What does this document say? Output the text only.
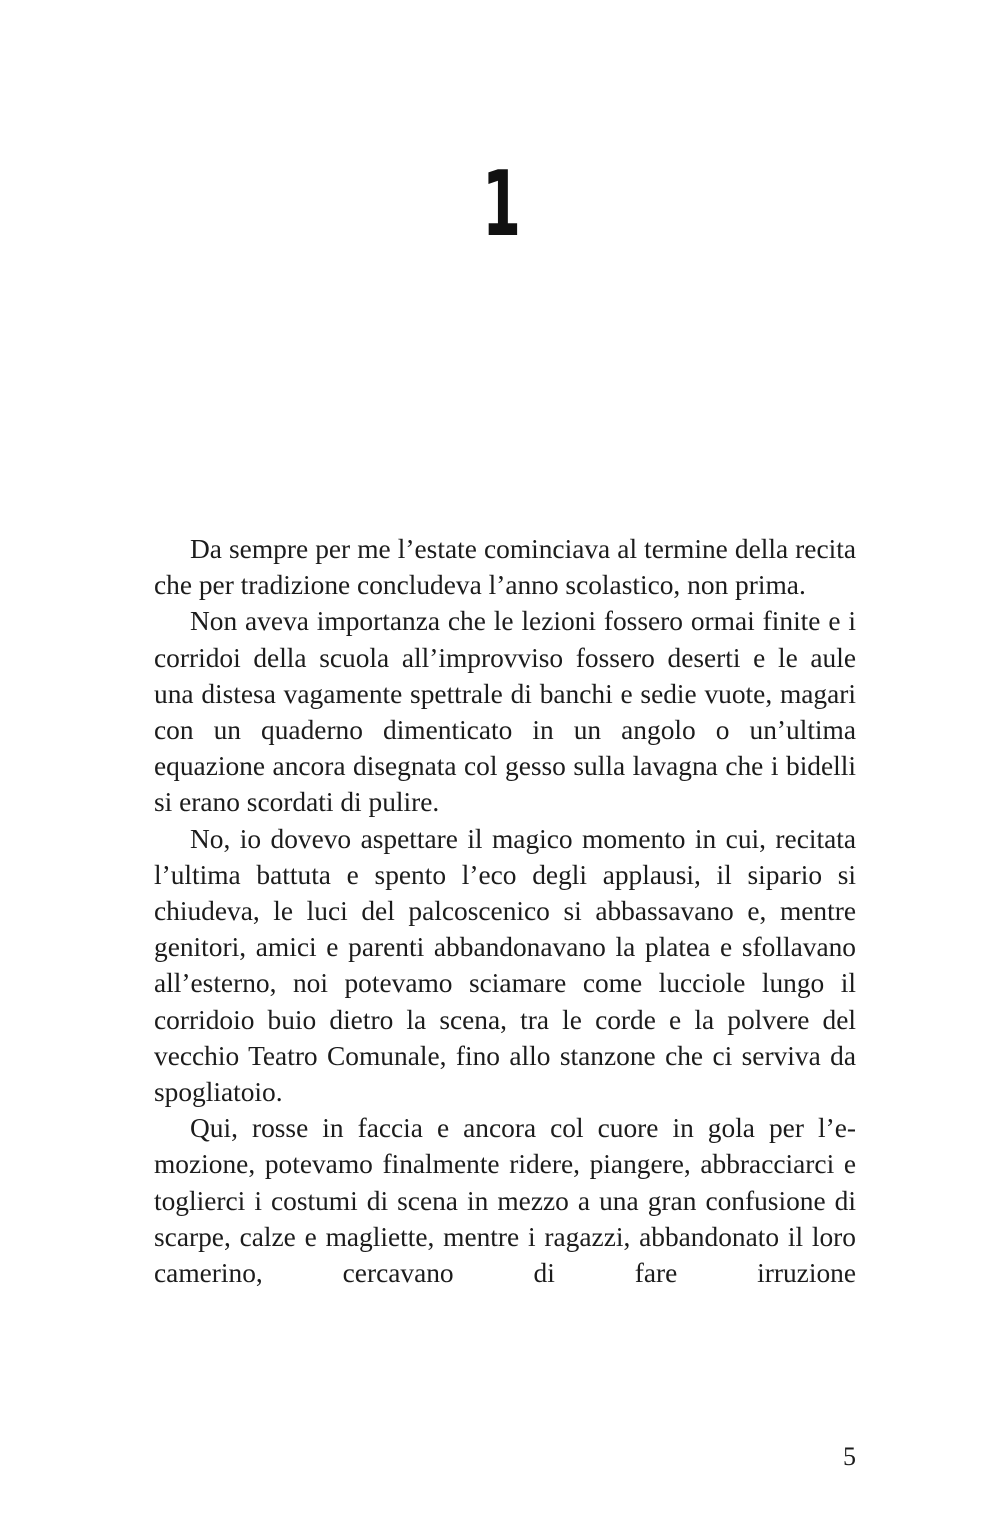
1

Da sempre per me l’estate cominciava al termine della recita che per tradizione concludeva l’anno scolastico, non prima.

Non aveva importanza che le lezioni fossero ormai finite e i corridoi della scuola all’improvviso fossero deserti e le aule una distesa vagamente spettrale di banchi e sedie vuote, magari con un quaderno dimenticato in un angolo o un’ultima equazione ancora disegnata col gesso sulla lavagna che i bidelli si erano scordati di pulire.

No, io dovevo aspettare il magico momento in cui, recitata l’ultima battuta e spento l’eco degli applausi, il sipario si chiudeva, le luci del palcoscenico si abbassavano e, mentre genitori, amici e parenti abbandonavano la platea e sfollavano all’esterno, noi potevamo sciamare come lucciole lungo il corridoio buio dietro la scena, tra le corde e la polvere del vecchio Teatro Comunale, fino allo stanzone che ci serviva da spogliatoio.

Qui, rosse in faccia e ancora col cuore in gola per l’emozione, potevamo finalmente ridere, piangere, abbracciarci e toglierci i costumi di scena in mezzo a una gran confusione di scarpe, calze e magliette, mentre i ragazzi, abbandonato il loro camerino, cercavano di fare irruzione

5
